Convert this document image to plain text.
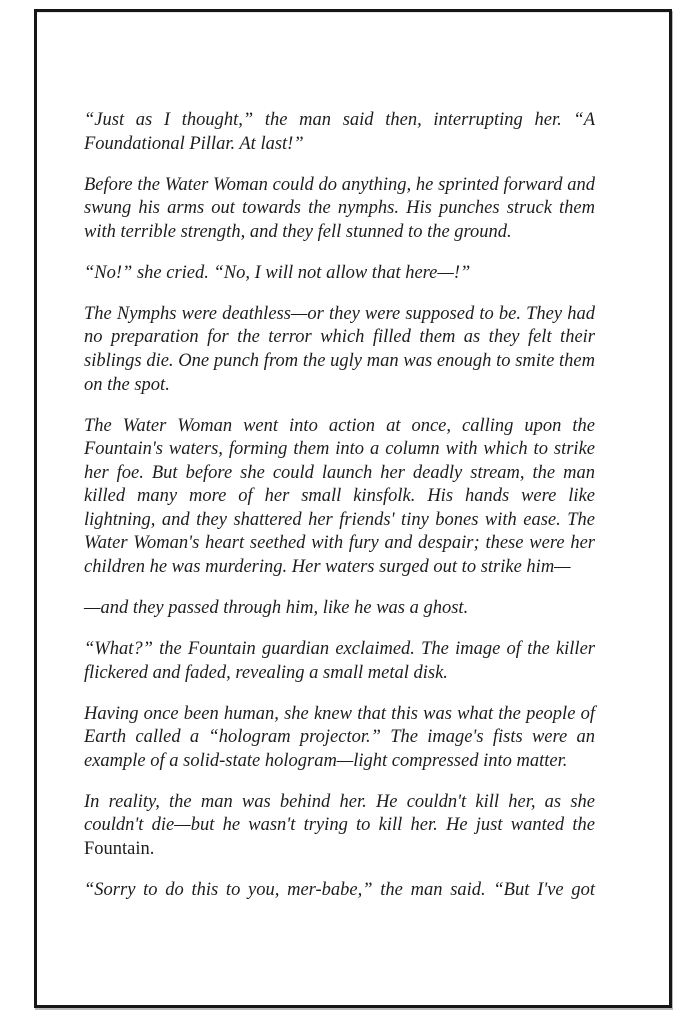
“Just as I thought,” the man said then, interrupting her. “A Foundational Pillar. At last!”

Before the Water Woman could do anything, he sprinted forward and swung his arms out towards the nymphs. His punches struck them with terrible strength, and they fell stunned to the ground.

“No!” she cried. “No, I will not allow that here—!”

The Nymphs were deathless—or they were supposed to be. They had no preparation for the terror which filled them as they felt their siblings die. One punch from the ugly man was enough to smite them on the spot.

The Water Woman went into action at once, calling upon the Fountain's waters, forming them into a column with which to strike her foe. But before she could launch her deadly stream, the man killed many more of her small kinsfolk. His hands were like lightning, and they shattered her friends' tiny bones with ease. The Water Woman's heart seethed with fury and despair; these were her children he was murdering. Her waters surged out to strike him—

—and they passed through him, like he was a ghost.

“What?” the Fountain guardian exclaimed. The image of the killer flickered and faded, revealing a small metal disk.

Having once been human, she knew that this was what the people of Earth called a “hologram projector.” The image's fists were an example of a solid-state hologram—light compressed into matter.

In reality, the man was behind her. He couldn't kill her, as she couldn't die—but he wasn't trying to kill her. He just wanted the Fountain.

“Sorry to do this to you, mer-babe,” the man said. “But I've got
